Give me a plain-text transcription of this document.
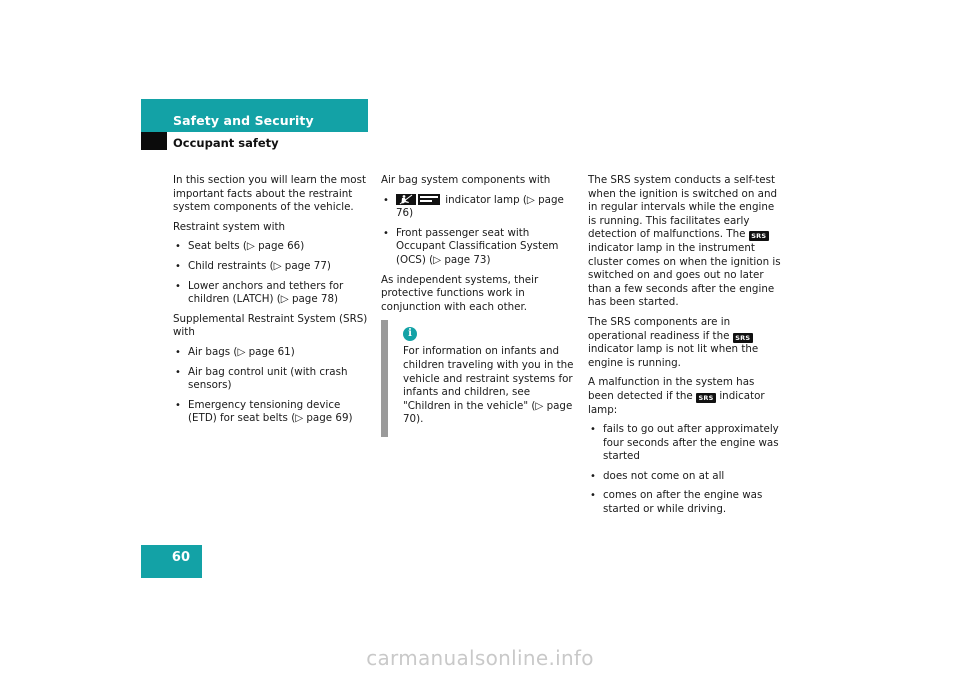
Safety and Security
Occupant safety

In this section you will learn the most important facts about the restraint system components of the vehicle.

Restraint system with

• Seat belts (▷ page 66)
• Child restraints (▷ page 77)
• Lower anchors and tethers for children (LATCH) (▷ page 78)

Supplemental Restraint System (SRS) with

• Air bags (▷ page 61)
• Air bag control unit (with crash sensors)
• Emergency tensioning device (ETD) for seat belts (▷ page 69)

Air bag system components with

• indicator lamp (▷ page 76)
• Front passenger seat with Occupant Classification System (OCS) (▷ page 73)

As independent systems, their protective functions work in conjunction with each other.

i

For information on infants and children traveling with you in the vehicle and restraint systems for infants and children, see "Children in the vehicle" (▷ page 70).

The SRS system conducts a self-test when the ignition is switched on and in regular intervals while the engine is running. This facilitates early detection of malfunctions. The SRS indicator lamp in the instrument cluster comes on when the ignition is switched on and goes out no later than a few seconds after the engine has been started.

The SRS components are in operational readiness if the SRS indicator lamp is not lit when the engine is running.

A malfunction in the system has been detected if the SRS indicator lamp:

• fails to go out after approximately four seconds after the engine was started
• does not come on at all
• comes on after the engine was started or while driving.
60
carmanualsonline.info
